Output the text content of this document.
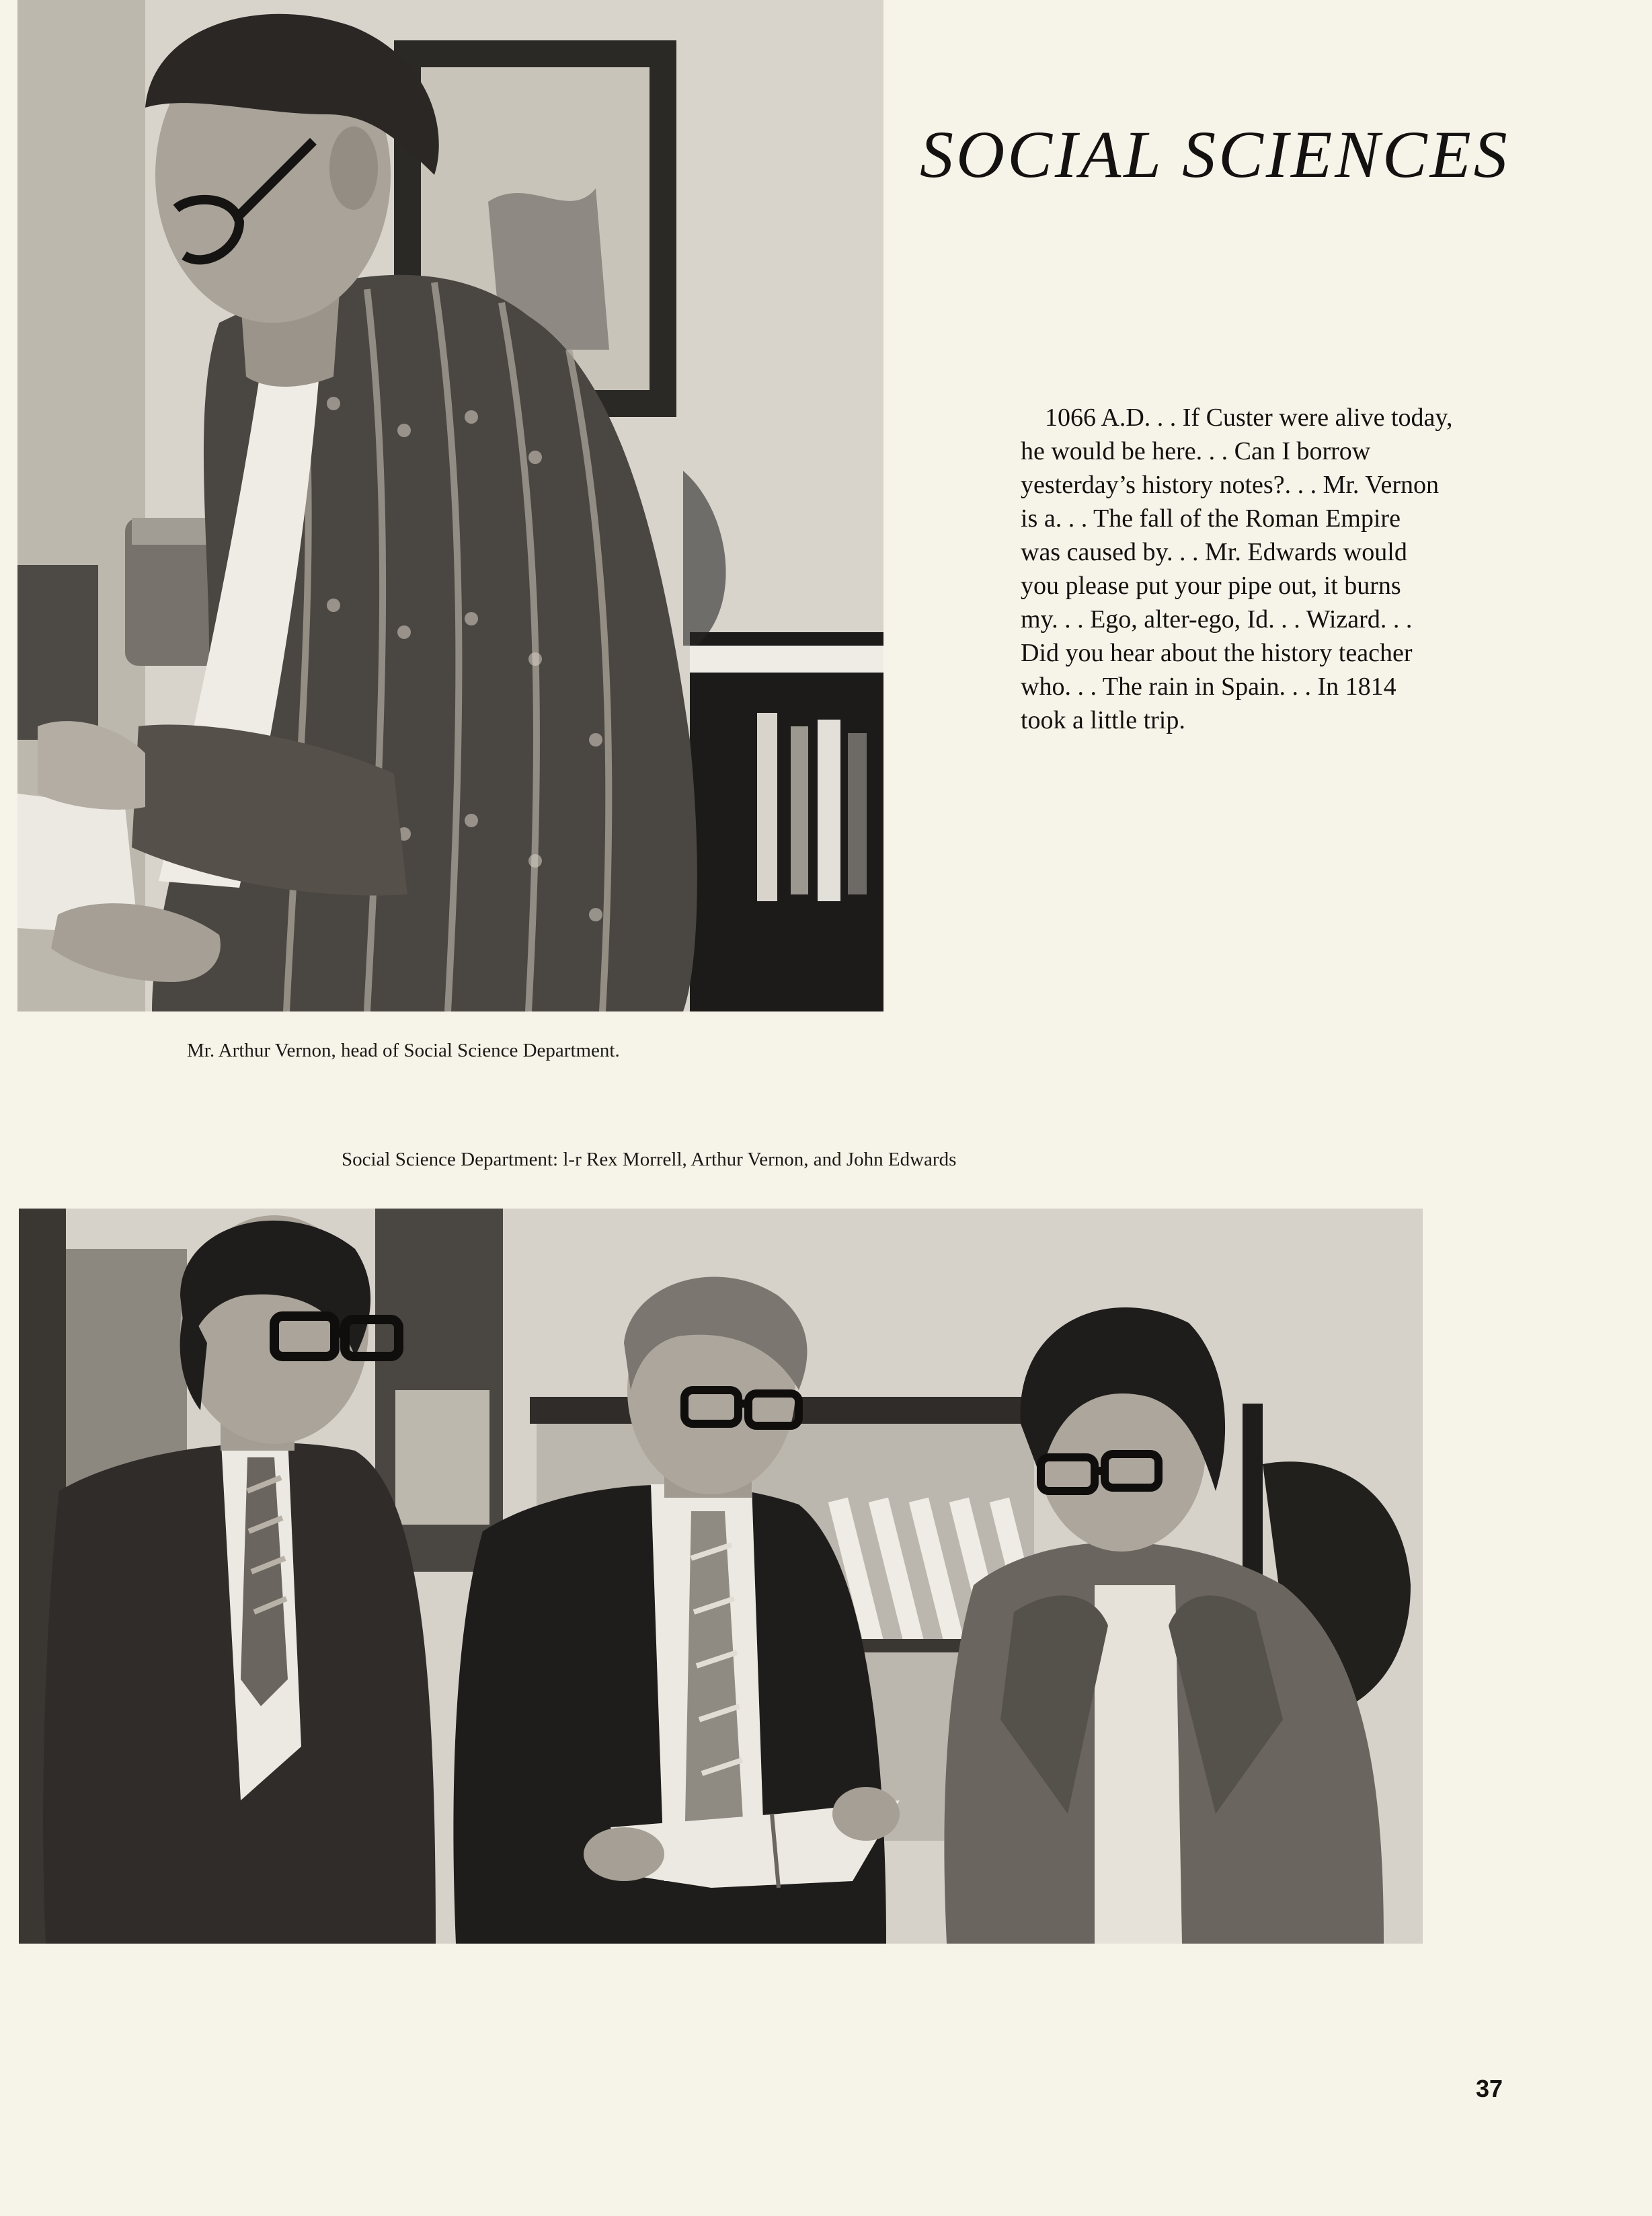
SOCIAL SCIENCES
1066 A.D. . . If Custer were alive today,
he would be here. . . Can I borrow
yesterday’s history notes?. . . Mr. Vernon
is a. . . The fall of the Roman Empire
was caused by. . . Mr. Edwards would
you please put your pipe out, it burns
my. . . Ego, alter-ego, Id. . . Wizard. . .
Did you hear about the history teacher
who. . . The rain in Spain. . . In 1814
took a little trip.
Mr. Arthur Vernon, head of Social Science Department.
Social Science Department: l-r Rex Morrell, Arthur Vernon, and John Edwards
37
